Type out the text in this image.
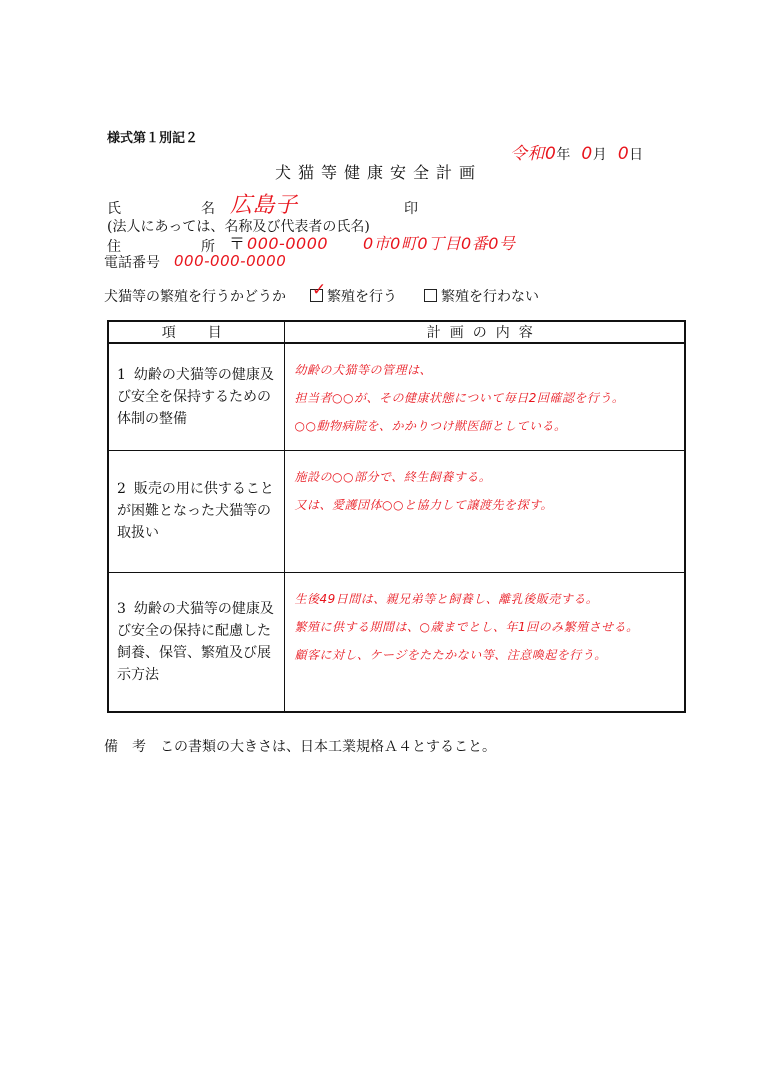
様式第１別記２
令和0年 0月 0日
犬猫等健康安全計画
氏	名 広島子	印
(法人にあっては、名称及び代表者の氏名)
住	所 〒 000-0000 0市0町0丁目0番0号
電話番号 000-000-0000
犬猫等の繁殖を行うかどうか ✓ 繁殖を行う	繁殖を行わない
項　目	計画の内容

1 幼齢の犬猫等の健康及び安全を保持するための体制の整備	幼齢の犬猫等の管理は、
担当者○○が、その健康状態について毎日2回確認を行う。
○○動物病院を、かかりつけ獣医師としている。

2 販売の用に供することが困難となった犬猫等の取扱い	施設の○○部分で、終生飼養する。
又は、愛護団体○○と協力して譲渡先を探す。

3 幼齢の犬猫等の健康及び安全の保持に配慮した飼養、保管、繁殖及び展示方法	生後49日間は、親兄弟等と飼養し、離乳後販売する。
繁殖に供する期間は、○歳までとし、年1回のみ繁殖させる。
顧客に対し、ケージをたたかない等、注意喚起を行う。
備　考 この書類の大きさは、日本工業規格Ａ４とすること。
